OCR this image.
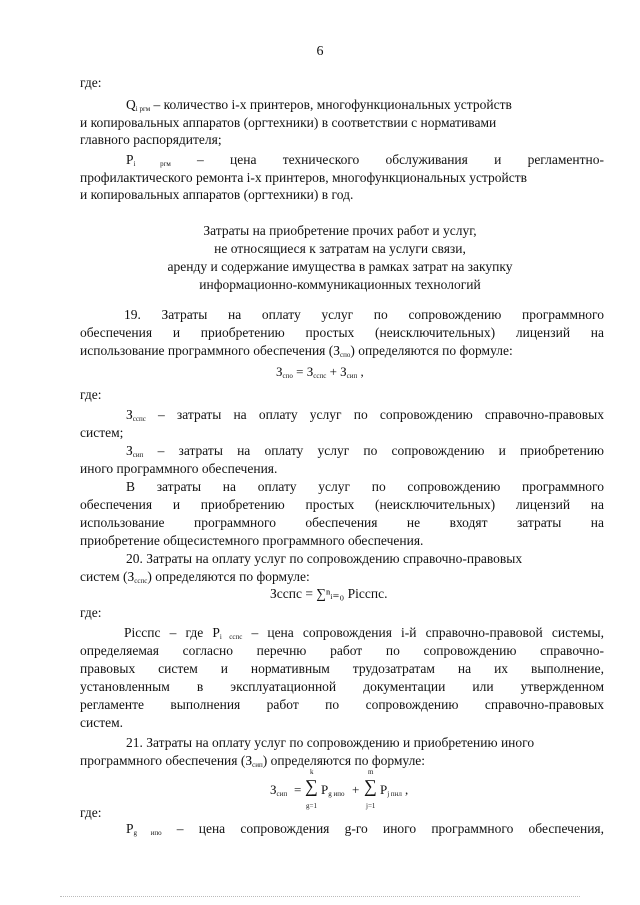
6
где:
$Q_{i ргм}$ – количество i-х принтеров, многофункциональных устройств
и копировальных аппаратов (оргтехники) в соответствии с нормативами
главного распорядителя;
$P_{i ргм}$ – цена технического обслуживания и регламентно-
профилактического ремонта i-х принтеров, многофункциональных устройств
и копировальных аппаратов (оргтехники) в год.
Затраты на приобретение прочих работ и услуг,
не относящиеся к затратам на услуги связи,
аренду и содержание имущества в рамках затрат на закупку
информационно-коммуникационных технологий
19. Затраты на оплату услуг по сопровождению программного
обеспечения и приобретению простых (неисключительных) лицензий на
использование программного обеспечения $(З_{спо})$ определяются по формуле:
$З_{спо} = З_{сспс} + З_{сип}$ ,
где:
$З_{сспс}$ – затраты на оплату услуг по сопровождению справочно-правовых
систем;
$З_{сип}$ – затраты на оплату услуг по сопровождению и приобретению
иного программного обеспечения.
В затраты на оплату услуг по сопровождению программного
обеспечения и приобретению простых (неисключительных) лицензий на
использование программного обеспечения не входят затраты на
приобретение общесистемного программного обеспечения.
20. Затраты на оплату услуг по сопровождению справочно-правовых
систем $(З_{сспс})$ определяются по формуле:
Зсспс = ∑ⁿᵢ₌₀ Рiсспс.
где:
Piсспс – где $P_{i сспс}$ – цена сопровождения i-й справочно-правовой системы,
определяемая согласно перечню работ по сопровождению справочно-
правовых систем и нормативным трудозатратам на их выполнение,
установленным в эксплуатационной документации или утвержденном
регламенте выполнения работ по сопровождению справочно-правовых
систем.
21. Затраты на оплату услуг по сопровождению и приобретению иного
программного обеспечения $(З_{сип})$ определяются по формуле:
$З_{сип}$ =
k
∑
g=1
$P_{g ипо}$ +
m
∑
j=1
$P_{j пнл}$ ,
где:
$P_{g ипо}$ – цена сопровождения g-го иного программного обеспечения,
